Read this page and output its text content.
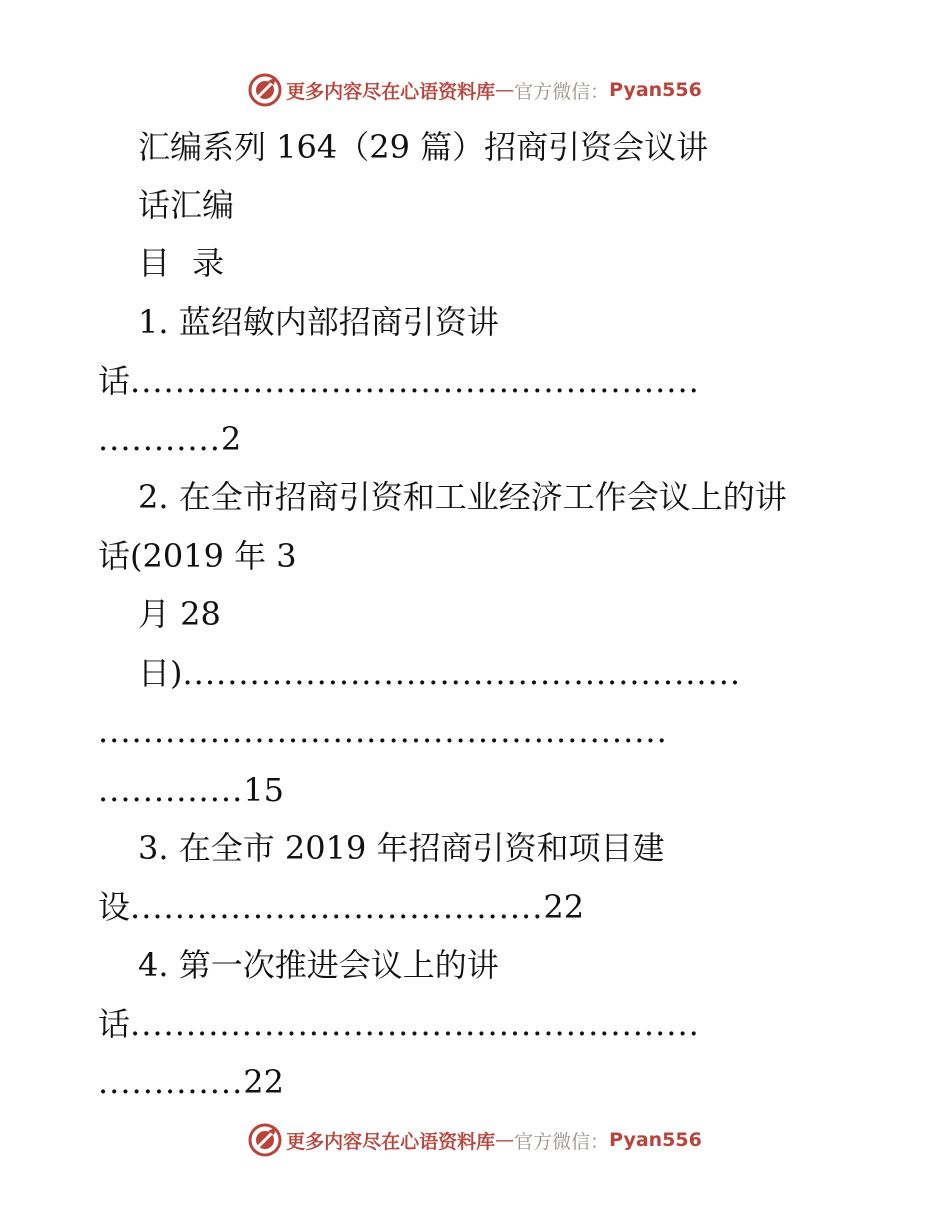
更多内容尽在心语资料库 — 官方微信： Pyan556
汇编系列 164（29 篇）招商引资会议讲
话汇编
目 录
1. 蓝绍敏内部招商引资讲
话...................................................
...........2
2. 在全市招商引资和工业经济工作会议上的讲
话(2019 年 3
月 28
日)..................................................
...................................................
.............15
3. 在全市 2019 年招商引资和项目建
设.....................................22
4. 第一次推进会议上的讲
话...................................................
.............22
更多内容尽在心语资料库 — 官方微信： Pyan556
